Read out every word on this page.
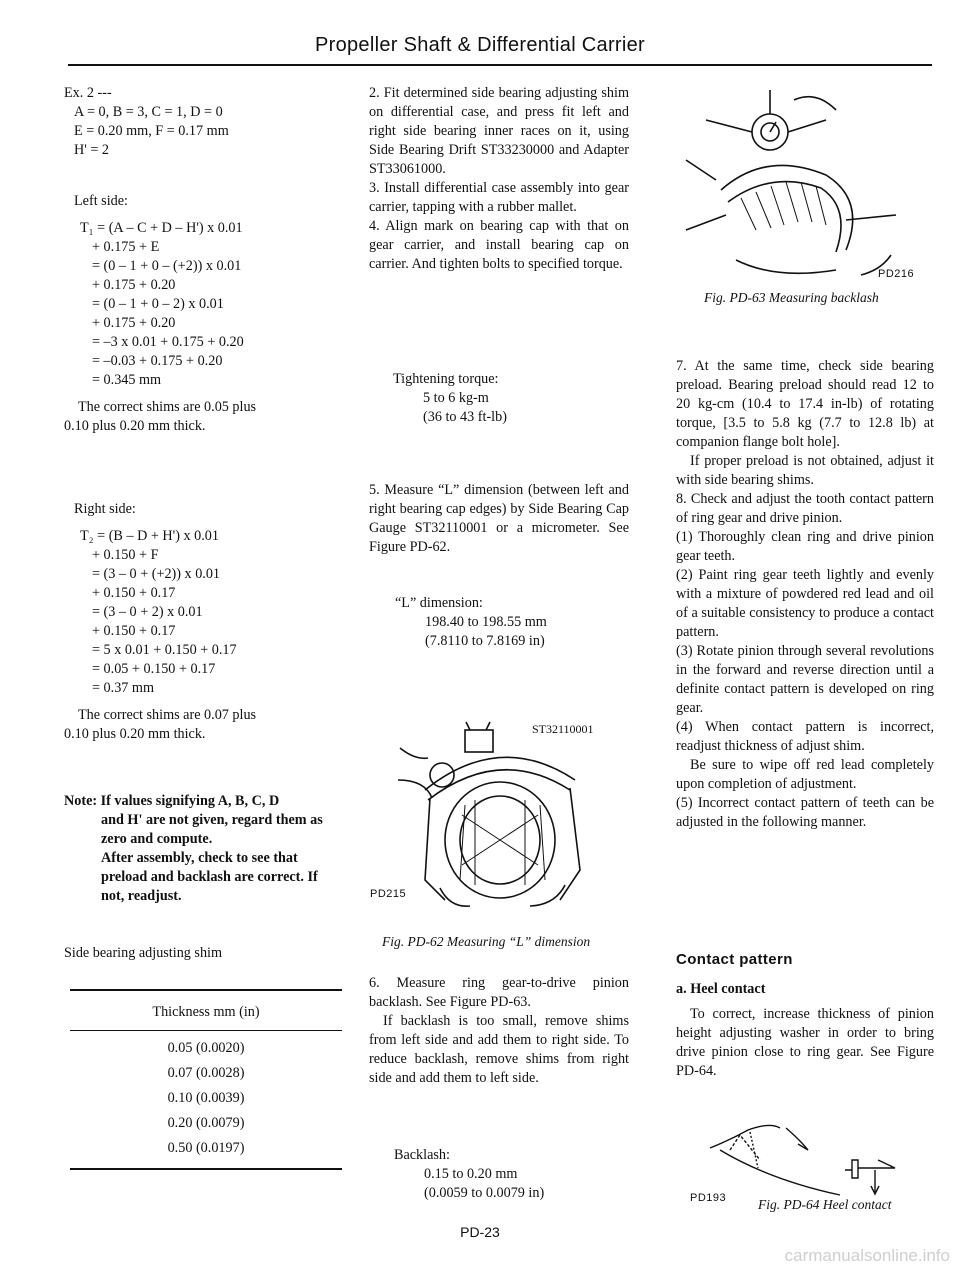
Propeller Shaft & Differential Carrier

Ex. 2 ---

A = 0, B = 3, C = 1, D = 0

E = 0.20 mm, F = 0.17 mm

H' = 2

Left side:

T₁ = (A – C + D – H') x 0.01

+ 0.175 + E

= (0 – 1 + 0 – (+2)) x 0.01

+ 0.175 + 0.20

= (0 – 1 + 0 – 2) x 0.01

+ 0.175 + 0.20

= –3 x 0.01 + 0.175 + 0.20

= –0.03 + 0.175 + 0.20

= 0.345 mm

The correct shims are 0.05 plus

0.10 plus 0.20 mm thick.

Right side:

T₂ = (B – D + H') x 0.01

+ 0.150 + F

= (3 – 0 + (+2)) x 0.01

+ 0.150 + 0.17

= (3 – 0 + 2) x 0.01

+ 0.150 + 0.17

= 5 x 0.01 + 0.150 + 0.17

= 0.05 + 0.150 + 0.17

= 0.37 mm

The correct shims are 0.07 plus

0.10 plus 0.20 mm thick.

Note: If values signifying A, B, C, D

and H' are not given, regard them as

zero and compute.

After assembly, check to see that

preload and backlash are correct. If

not, readjust.

Side bearing adjusting shim

Thickness mm (in)
0.05 (0.0020)
0.07 (0.0028)
0.10 (0.0039)
0.20 (0.0079)
0.50 (0.0197)

2. Fit determined side bearing adjusting shim on differential case, and press fit left and right side bearing inner races on it, using Side Bearing Drift ST33230000 and Adapter ST33061000.

3. Install differential case assembly into gear carrier, tapping with a rubber mallet.

4. Align mark on bearing cap with that on gear carrier, and install bearing cap on carrier. And tighten bolts to specified torque.

Tightening torque:

5 to 6 kg-m

(36 to 43 ft-lb)

5. Measure “L” dimension (between left and right bearing cap edges) by Side Bearing Cap Gauge ST32110001 or a micrometer. See Figure PD-62.

“L” dimension:

198.40 to 198.55 mm

(7.8110 to 7.8169 in)

ST32110001
PD215
Fig. PD-62 Measuring “L” dimension

6. Measure ring gear-to-drive pinion backlash. See Figure PD-63.

If backlash is too small, remove shims from left side and add them to right side. To reduce backlash, remove shims from right side and add them to left side.

Backlash:

0.15 to 0.20 mm

(0.0059 to 0.0079 in)

PD216
Fig. PD-63 Measuring backlash

7. At the same time, check side bearing preload. Bearing preload should read 12 to 20 kg-cm (10.4 to 17.4 in-lb) of rotating torque, [3.5 to 5.8 kg (7.7 to 12.8 lb) at companion flange bolt hole].

If proper preload is not obtained, adjust it with side bearing shims.

8. Check and adjust the tooth contact pattern of ring gear and drive pinion.

(1) Thoroughly clean ring and drive pinion gear teeth.

(2) Paint ring gear teeth lightly and evenly with a mixture of powdered red lead and oil of a suitable consistency to produce a contact pattern.

(3) Rotate pinion through several revolutions in the forward and reverse direction until a definite contact pattern is developed on ring gear.

(4) When contact pattern is incorrect, readjust thickness of adjust shim.

Be sure to wipe off red lead completely upon completion of adjustment.

(5) Incorrect contact pattern of teeth can be adjusted in the following manner.

Contact pattern

a. Heel contact

To correct, increase thickness of pinion height adjusting washer in order to bring drive pinion close to ring gear. See Figure PD-64.

PD193 Fig. PD-64 Heel contact
PD-23
carmanualsonline.info
